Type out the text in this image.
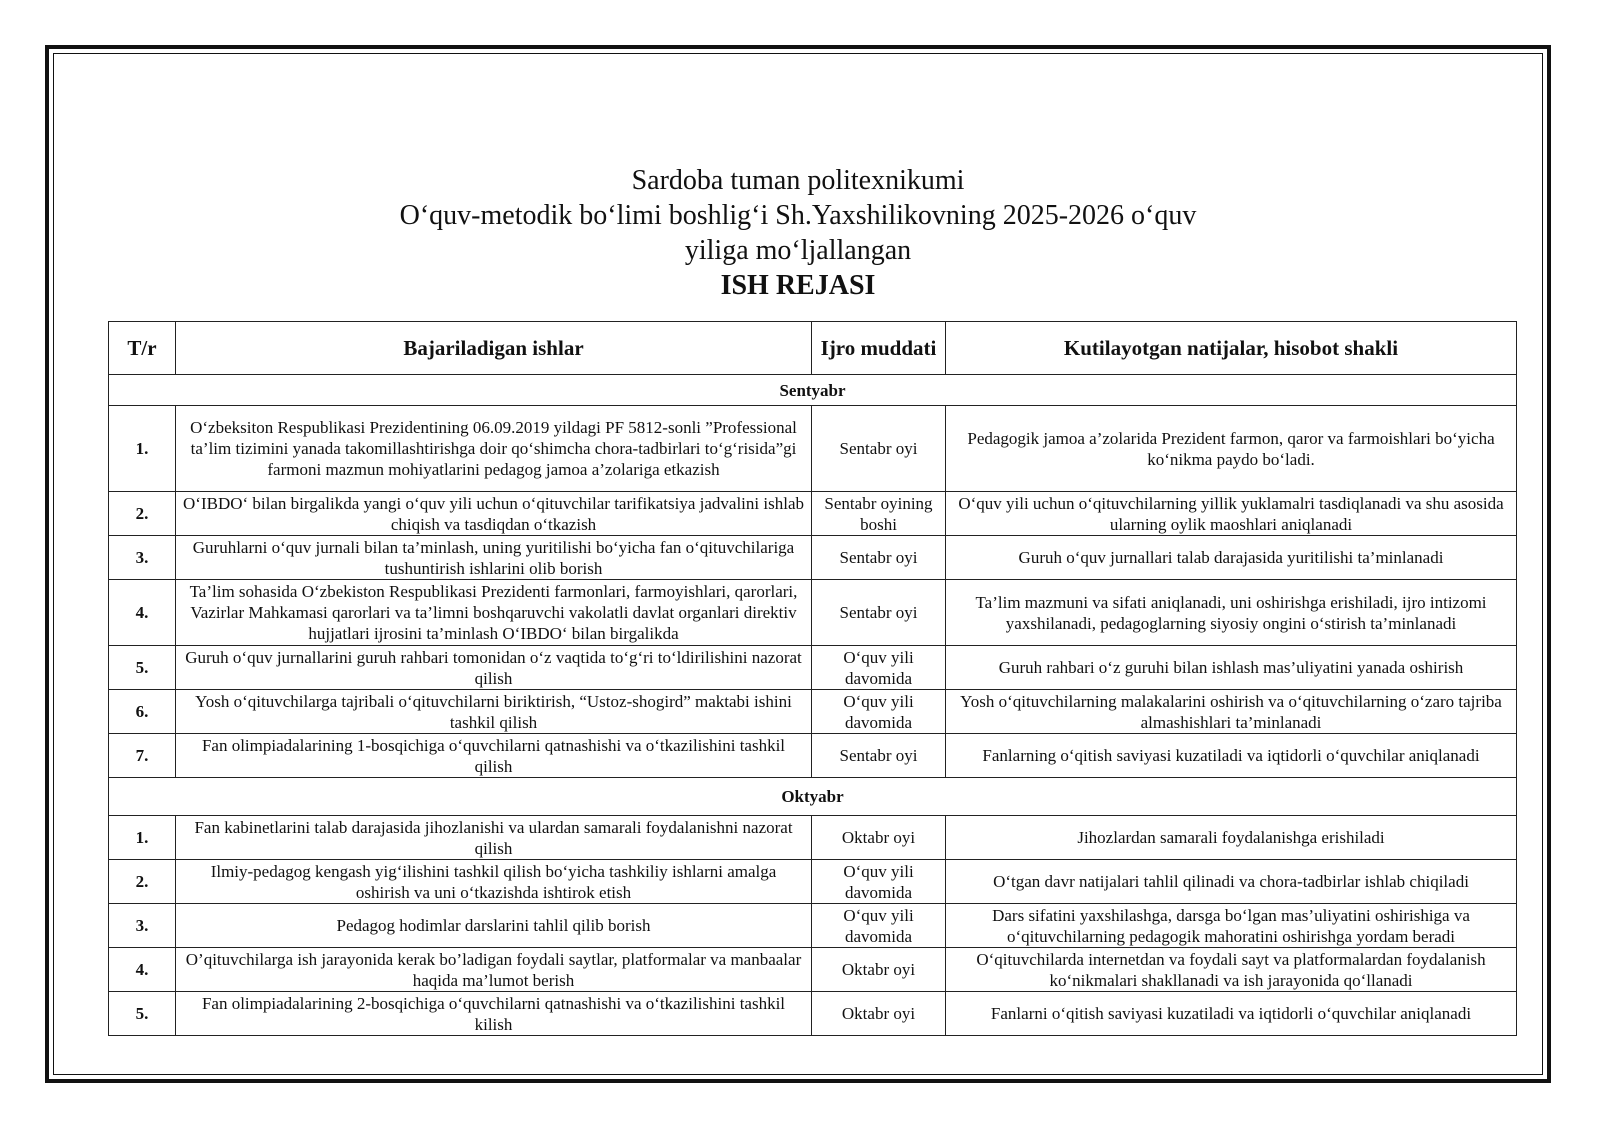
Sardoba tuman politexnikumi
O‘quv-metodik bo‘limi boshlig‘i Sh.Yaxshilikovning 2025-2026 o‘quv
yiliga mo‘ljallangan
ISH REJASI
T/r	Bajariladigan ishlar	Ijro muddati	Kutilayotgan natijalar, hisobot shakli
Sentyabr			
1.	O‘zbeksiton Respublikasi Prezidentining 06.09.2019 yildagi PF 5812-sonli ”Professional ta’lim tizimini yanada takomillashtirishga doir qo‘shimcha chora-tadbirlari to‘g‘risida”gi farmoni mazmun mohiyatlarini pedagog jamoa a’zolariga etkazish	Sentabr oyi	Pedagogik jamoa a’zolarida Prezident farmon, qaror va farmoishlari bo‘yicha ko‘nikma paydo bo‘ladi.
2.	O‘IBDO‘ bilan birgalikda yangi o‘quv yili uchun o‘qituvchilar tarifikatsiya jadvalini ishlab chiqish va tasdiqdan o‘tkazish	Sentabr oyining boshi	O‘quv yili uchun o‘qituvchilarning yillik yuklamalri tasdiqlanadi va shu asosida ularning oylik maoshlari aniqlanadi
3.	Guruhlarni o‘quv jurnali bilan ta’minlash, uning yuritilishi bo‘yicha fan o‘qituvchilariga tushuntirish ishlarini olib borish	Sentabr oyi	Guruh o‘quv jurnallari talab darajasida yuritilishi ta’minlanadi
4.	Ta’lim sohasida O‘zbekiston Respublikasi Prezidenti farmonlari, farmoyishlari, qarorlari, Vazirlar Mahkamasi qarorlari va ta’limni boshqaruvchi vakolatli davlat organlari direktiv hujjatlari ijrosini ta’minlash O‘IBDO‘ bilan birgalikda	Sentabr oyi	Ta’lim mazmuni va sifati aniqlanadi, uni oshirishga erishiladi, ijro intizomi yaxshilanadi, pedagoglarning siyosiy ongini o‘stirish ta’minlanadi
5.	Guruh o‘quv jurnallarini guruh rahbari tomonidan o‘z vaqtida to‘g‘ri to‘ldirilishini nazorat qilish	O‘quv yili davomida	Guruh rahbari o‘z guruhi bilan ishlash mas’uliyatini yanada oshirish
6.	Yosh o‘qituvchilarga tajribali o‘qituvchilarni biriktirish, “Ustoz-shogird” maktabi ishini tashkil qilish	O‘quv yili davomida	Yosh o‘qituvchilarning malakalarini oshirish va o‘qituvchilarning o‘zaro tajriba almashishlari ta’minlanadi
7.	Fan olimpiadalarining 1-bosqichiga o‘quvchilarni qatnashishi va o‘tkazilishini tashkil qilish	Sentabr oyi	Fanlarning o‘qitish saviyasi kuzatiladi va iqtidorli o‘quvchilar aniqlanadi
Oktyabr			
1.	Fan kabinetlarini talab darajasida jihozlanishi va ulardan samarali foydalanishni nazorat qilish	Oktabr oyi	Jihozlardan samarali foydalanishga erishiladi
2.	Ilmiy-pedagog kengash yig‘ilishini tashkil qilish bo‘yicha tashkiliy ishlarni amalga oshirish va uni o‘tkazishda ishtirok etish	O‘quv yili davomida	O‘tgan davr natijalari tahlil qilinadi va chora-tadbirlar ishlab chiqiladi
3.	Pedagog hodimlar darslarini tahlil qilib borish	O‘quv yili davomida	Dars sifatini yaxshilashga, darsga bo‘lgan mas’uliyatini oshirishiga va o‘qituvchilarning pedagogik mahoratini oshirishga yordam beradi
4.	O’qituvchilarga ish jarayonida kerak bo’ladigan foydali saytlar, platformalar va manbaalar haqida ma’lumot berish	Oktabr oyi	O‘qituvchilarda internetdan va foydali sayt va platformalardan foydalanish ko‘nikmalari shakllanadi va ish jarayonida qo‘llanadi
5.	Fan olimpiadalarining 2-bosqichiga o‘quvchilarni qatnashishi va o‘tkazilishini tashkil kilish	Oktabr oyi	Fanlarni o‘qitish saviyasi kuzatiladi va iqtidorli o‘quvchilar aniqlanadi
